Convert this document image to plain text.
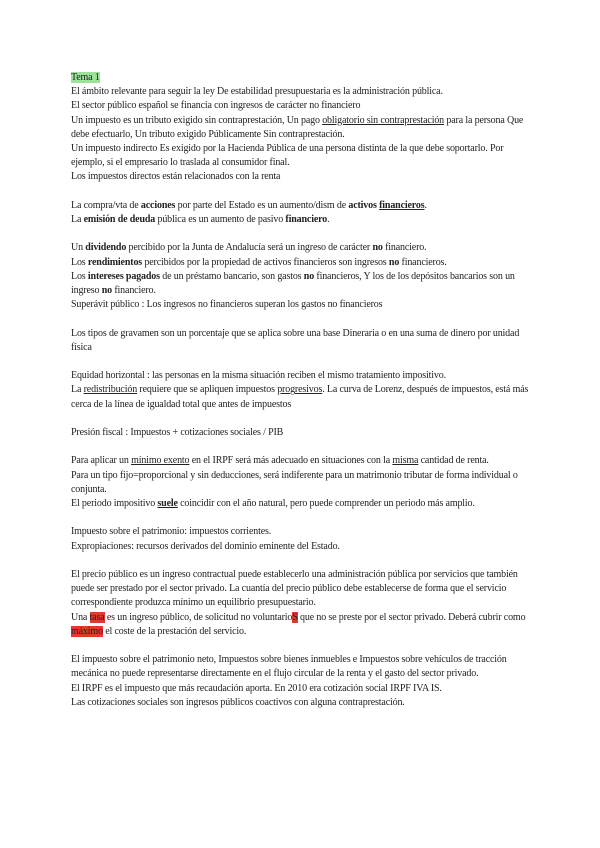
Tema 1
El ámbito relevante para seguir la ley De estabilidad presupuestaria es la administración pública.
El sector público español se financia con ingresos de carácter no financiero
Un impuesto es un tributo exigido sin contraprestación, Un pago obligatorio sin contraprestación para la persona Que debe efectuarlo, Un tributo exigido Públicamente Sin contraprestación.
Un impuesto indirecto Es exigido por la Hacienda Pública de una persona distinta de la que debe soportarlo. Por ejemplo, si el empresario lo traslada al consumidor final.
Los impuestos directos están relacionados con la renta
La compra/vta de acciones por parte del Estado es un aumento/dism de activos financieros.
La emisión de deuda pública es un aumento de pasivo financiero.
Un dividendo percibido por la Junta de Andalucía será un ingreso de carácter no financiero.
Los rendimientos percibidos por la propiedad de activos financieros son ingresos no financieros.
Los intereses pagados de un préstamo bancario, son gastos no financieros, Y los de los depósitos bancarios son un ingreso no financiero.
Superávit público : Los ingresos no financieros superan los gastos no financieros
Los tipos de gravamen son un porcentaje que se aplica sobre una base Dineraria o en una suma de dinero por unidad física
Equidad horizontal : las personas en la misma situación reciben el mismo tratamiento impositivo.
La redistribución requiere que se apliquen impuestos progresivos. La curva de Lorenz, después de impuestos, está más cerca de la línea de igualdad total que antes de impuestos
Presión fiscal : Impuestos + cotizaciones sociales / PIB
Para aplicar un mínimo exento en el IRPF será más adecuado en situaciones con la misma cantidad de renta.
Para un tipo fijo=proporcional y sin deducciones, será indiferente para un matrimonio tributar de forma individual o conjunta.
El periodo impositivo suele coincidir con el año natural, pero puede comprender un periodo más amplio.
Impuesto sobre el patrimonio: impuestos corrientes.
Expropiaciones: recursos derivados del dominio eminente del Estado.
El precio público es un ingreso contractual puede establecerlo una administración pública por servicios que también puede ser prestado por el sector privado. La cuantía del precio público debe establecerse de forma que el servicio correspondiente produzca mínimo un equilibrio presupuestario.
Una tasa es un ingreso público, de solicitud no voluntarioS que no se preste por el sector privado. Deberá cubrir como máximo el coste de la prestación del servicio.
El impuesto sobre el patrimonio neto, Impuestos sobre bienes inmuebles e Impuestos sobre vehículos de tracción mecánica no puede representarse directamente en el flujo circular de la renta y el gasto del sector privado.
El IRPF es el impuesto que más recaudación aporta. En 2010 era cotización social IRPF IVA IS.
Las cotizaciones sociales son ingresos públicos coactivos con alguna contraprestación.
